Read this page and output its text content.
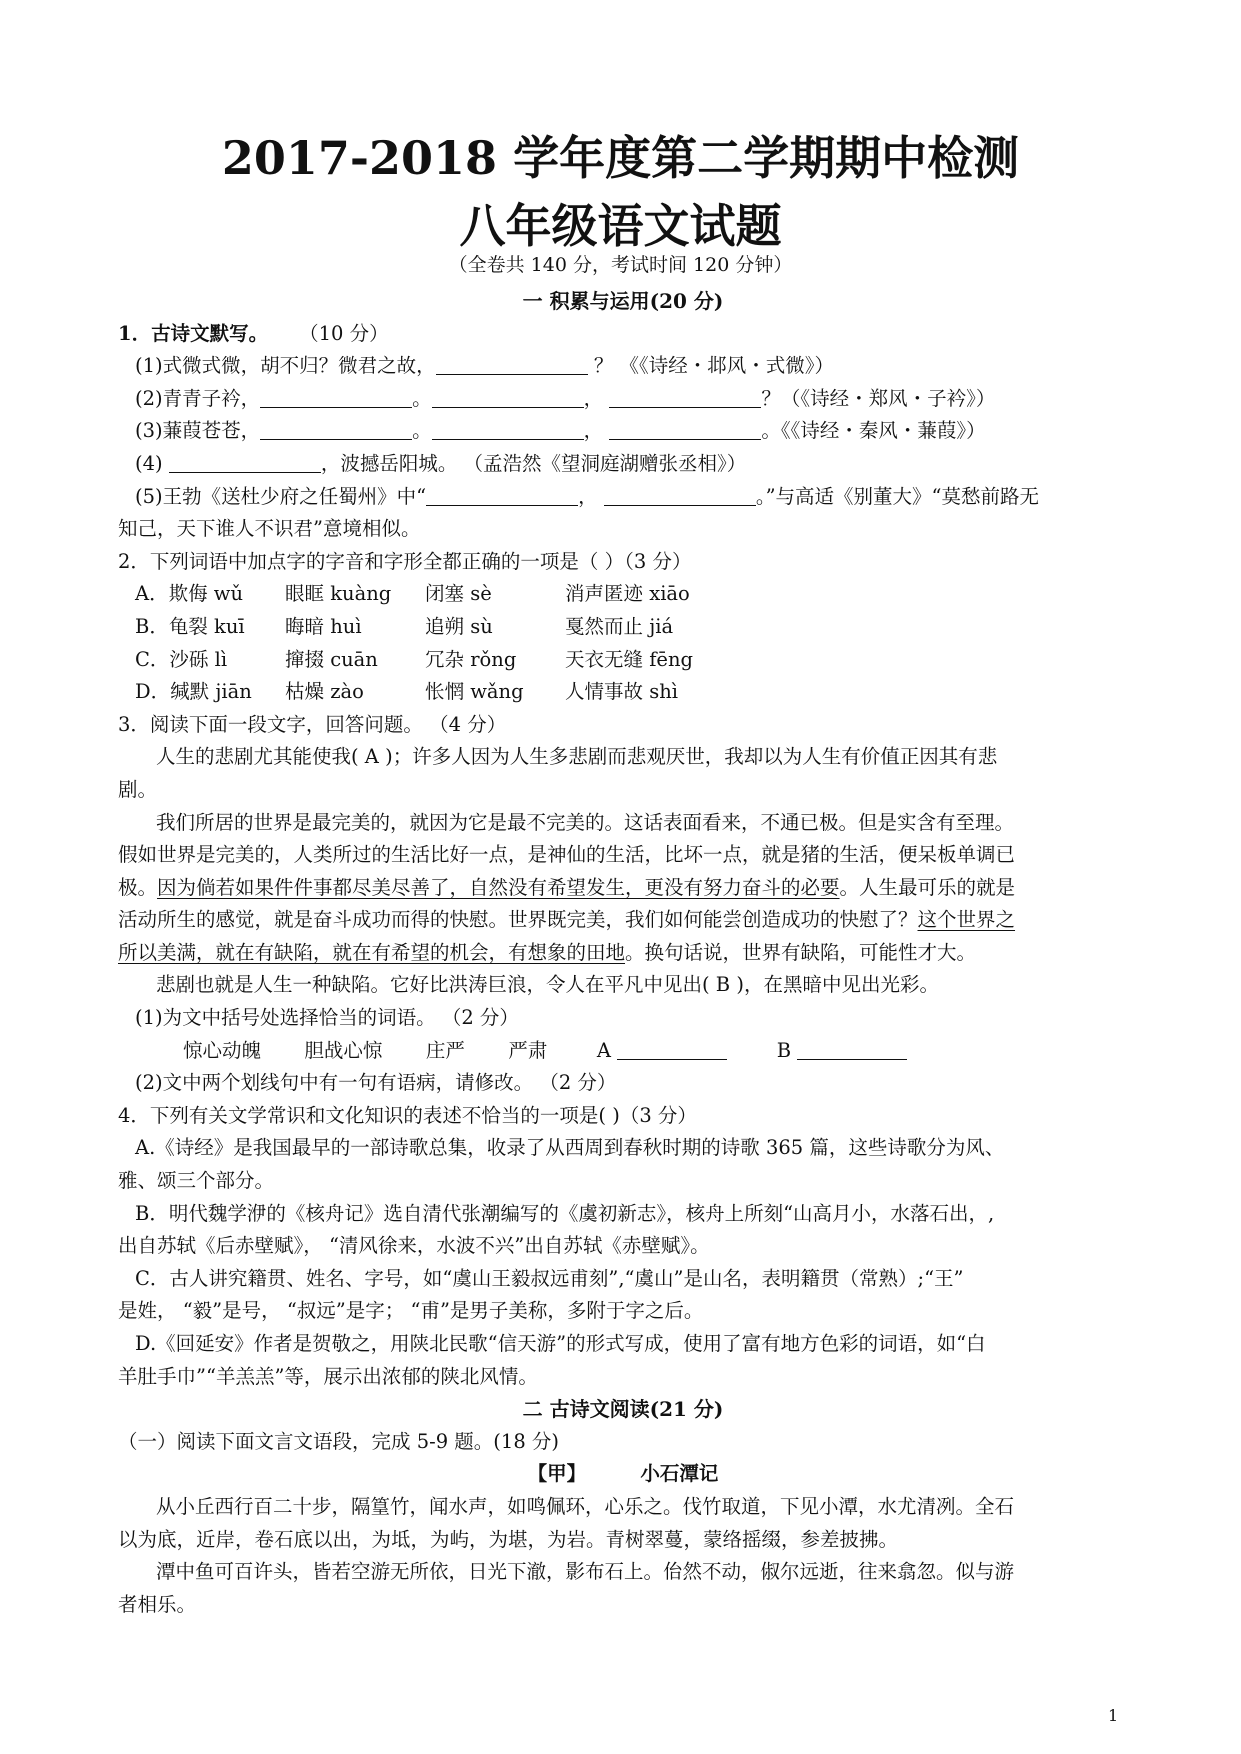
2017-2018 学年度第二学期期中检测
八年级语文试题
（全卷共 140 分，考试时间 120 分钟）
一 积累与运用(20 分)
1．古诗文默写。 （10 分）
(1)式微式微，胡不归？微君之故，	？ 《《诗经・邶风・式微》）
(2)青青子衿，	。	，	？（《诗经・郑风・子衿》）
(3)蒹葭苍苍，	。	，	。《《诗经・秦风・蒹葭》）
(4)	，波撼岳阳城。 （孟浩然《望洞庭湖赠张丞相》）
(5)王勃《送杜少府之任蜀州》中“	，	。”与高适《别董大》“莫愁前路无
知己，天下谁人不识君”意境相似。
2．下列词语中加点字的字音和字形全都正确的一项是（ ）（3 分）
A．欺侮 wǔ 眼眶 kuàng 闭塞 sè	消声匿迹 xiāo
B．龟裂 kuī 晦暗 huì	追朔 sù	戛然而止 jiá
C．沙砾 lì	撺掇 cuān 冗杂 rǒng 天衣无缝 fēng
D．缄默 jiān 枯燥 zào	怅惘 wǎng 人情事故 shì
3．阅读下面一段文字，回答问题。 （4 分）
人生的悲剧尤其能使我( A )；许多人因为人生多悲剧而悲观厌世，我却以为人生有价值正因其有悲
剧。
我们所居的世界是最完美的，就因为它是最不完美的。这话表面看来，不通已极。但是实含有至理。
假如世界是完美的，人类所过的生活比好一点，是神仙的生活，比坏一点，就是猪的生活，便呆板单调已
极。因为倘若如果件件事都尽美尽善了，自然没有希望发生，更没有努力奋斗的必要。人生最可乐的就是
活动所生的感觉，就是奋斗成功而得的快慰。世界既完美，我们如何能尝创造成功的快慰了？这个世界之
所以美满，就在有缺陷，就在有希望的机会，有想象的田地。换句话说，世界有缺陷，可能性才大。
悲剧也就是人生一种缺陷。它好比洪涛巨浪，令人在平凡中见出( B )，在黑暗中见出光彩。
(1)为文中括号处选择恰当的词语。 （2 分）
惊心动魄 胆战心惊 庄严 严肃	A	B
(2)文中两个划线句中有一句有语病，请修改。 （2 分）
4．下列有关文学常识和文化知识的表述不恰当的一项是( )（3 分）
A.《诗经》是我国最早的一部诗歌总集，收录了从西周到春秋时期的诗歌 365 篇，这些诗歌分为风、
雅、颂三个部分。
B．明代魏学洢的《核舟记》选自清代张潮编写的《虞初新志》，核舟上所刻“山高月小，水落石出，,
出自苏轼《后赤壁赋》， “清风徐来，水波不兴”出自苏轼《赤壁赋》。
C．古人讲究籍贯、姓名、字号，如“虞山王毅叔远甫刻”,“虞山”是山名，表明籍贯（常熟）;“王”
是姓， “毅”是号， “叔远”是字； “甫”是男子美称，多附于字之后。
D.《回延安》作者是贺敬之，用陕北民歌“信天游”的形式写成，使用了富有地方色彩的词语，如“白
羊肚手巾”“羊羔羔”等，展示出浓郁的陕北风情。
二 古诗文阅读(21 分)
（一）阅读下面文言文语段，完成 5-9 题。(18 分)
【甲】	小石潭记
从小丘西行百二十步，隔篁竹，闻水声，如鸣佩环，心乐之。伐竹取道，下见小潭，水尤清冽。全石
以为底，近岸，卷石底以出，为坻，为屿，为堪，为岩。青树翠蔓，蒙络摇缀，参差披拂。
潭中鱼可百许头，皆若空游无所依，日光下澈，影布石上。佁然不动，俶尔远逝，往来翕忽。似与游
者相乐。
1
